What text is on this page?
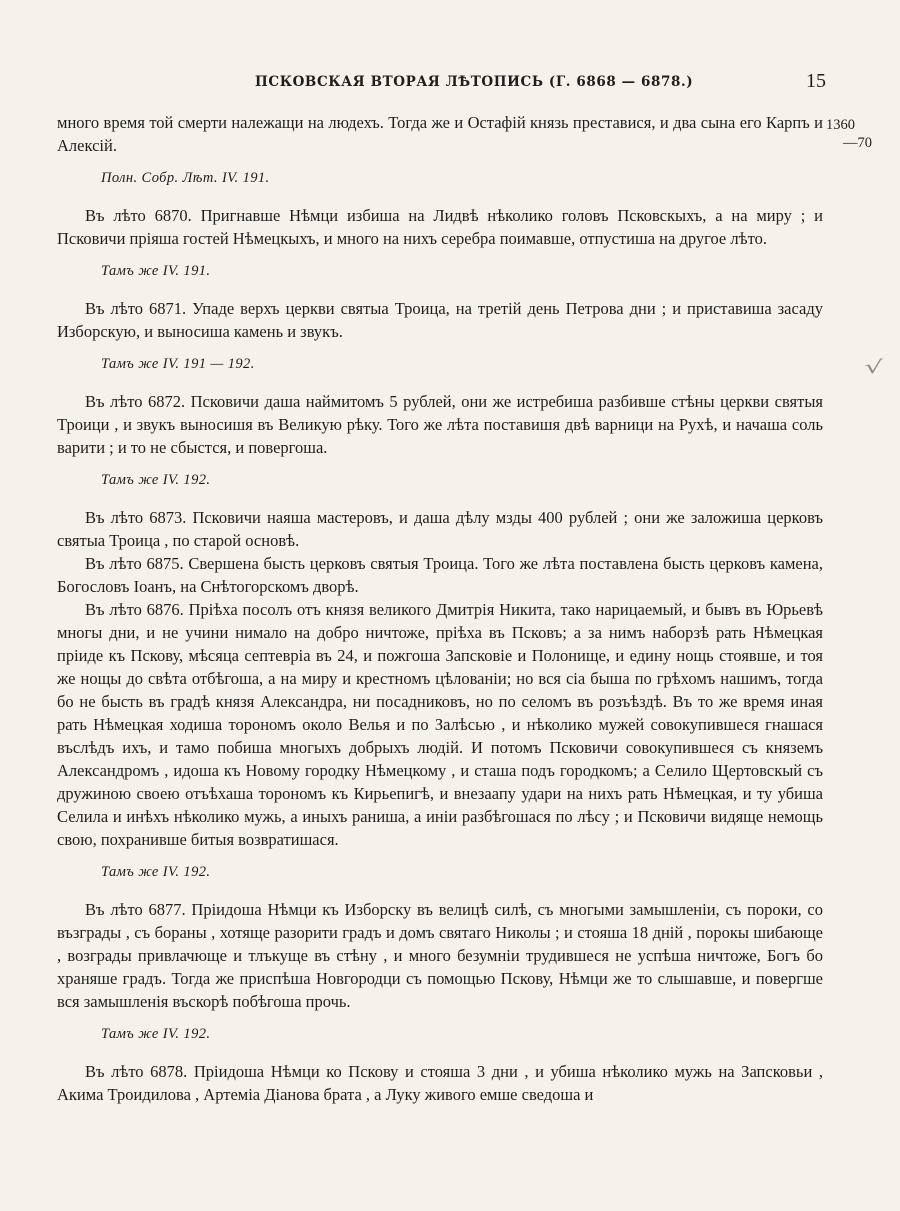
ПСКОВСКАЯ ВТОРАЯ ЛѢТОПИСЬ (Г. 6868 — 6878.)	15
1360
—70
√

много время той смерти належащи на людехъ. Тогда же и Остафій князь преставися, и два сына его Карпъ и Алексій.

Полн. Собр. Лѣт. IV. 191.

Въ лѣто 6870. Пригнавше Нѣмци избиша на Лидвѣ нѣколико головъ Псковскыхъ, а на миру ; и Псковичи пріяша гостей Нѣмецкыхъ, и много на нихъ серебра поимавше, отпустиша на другое лѣто.

Тамъ же IV. 191.

Въ лѣто 6871. Упаде верхъ церкви святыа Троица, на третій день Петрова дни ; и приставиша засаду Изборскую, и выносиша камень и звукъ.

Тамъ же IV. 191 — 192.

Въ лѣто 6872. Псковичи даша наймитомъ 5 рублей, они же истребиша разбивше стѣны церкви святыя Троици , и звукъ выносишя въ Великую рѣку. Того же лѣта поставишя двѣ варници на Рухѣ, и начаша соль варити ; и то не сбыстся, и повергоша.

Тамъ же IV. 192.

Въ лѣто 6873. Псковичи наяша мастеровъ, и даша дѣлу мзды 400 рублей ; они же заложиша церковъ святыа Троица , по старой основѣ.

Въ лѣто 6875. Свершена бысть церковъ святыя Троица. Того же лѣта поставлена бысть церковъ камена, Богословъ Іоанъ, на Снѣтогорскомъ дворѣ.

Въ лѣто 6876. Пріѣха посолъ отъ князя великого Дмитрія Никита, тако нарицаемый, и бывъ въ Юрьевѣ многы дни, и не учини нимало на добро ничтоже, пріѣха въ Псковъ; а за нимъ наборзѣ рать Нѣмецкая пріиде къ Пскову, мѣсяца септевріа въ 24, и пожгоша Запсковіе и Полонище, и едину нощь стоявше, и тоя же нощы до свѣта отбѣгоша, а на миру и крестномъ цѣлованіи; но вся сіа быша по грѣхомъ нашимъ, тогда бо не бысть въ градѣ князя Александра, ни посадниковъ, но по селомъ въ розъѣздѣ. Въ то же время иная рать Нѣмецкая ходиша торономъ около Велья и по Залѣсью , и нѣколико мужей совокупившеся гнашася въслѣдъ ихъ, и тамо побиша многыхъ добрыхъ людій. И потомъ Псковичи совокупившеся съ княземъ Александромъ , идоша къ Новому городку Нѣмецкому , и сташа подъ городкомъ; а Селило Щертовскый съ дружиною своею отъѣхаша торономъ къ Кирьепигѣ, и внезаапу удари на нихъ рать Нѣмецкая, и ту убиша Селила и инѣхъ нѣколико мужь, а иныхъ раниша, а иніи разбѣгошася по лѣсу ; и Псковичи видяще немощь свою, похранивше битыя возвратишася.

Тамъ же IV. 192.

Въ лѣто 6877. Пріидоша Нѣмци къ Изборску въ велицѣ силѣ, съ многыми замышленіи, съ пороки, со възграды , съ бораны , хотяще разорити градъ и домъ святаго Николы ; и стояша 18 дній , порокы шибающе , возграды привлачюще и тлъкуще въ стѣну , и много безумніи трудившеся не успѣша ничтоже, Богъ бо храняше градъ. Тогда же приспѣша Новгородци съ помощью Пскову, Нѣмци же то слышавше, и повергше вся замышленія въскорѣ побѣгоша прочь.

Тамъ же IV. 192.

Въ лѣто 6878. Пріидоша Нѣмци ко Пскову и стояша 3 дни , и убиша нѣколико мужь на Запсковьи , Акима Троидилова , Артеміа Діанова брата , а Луку живого емше сведоша и
